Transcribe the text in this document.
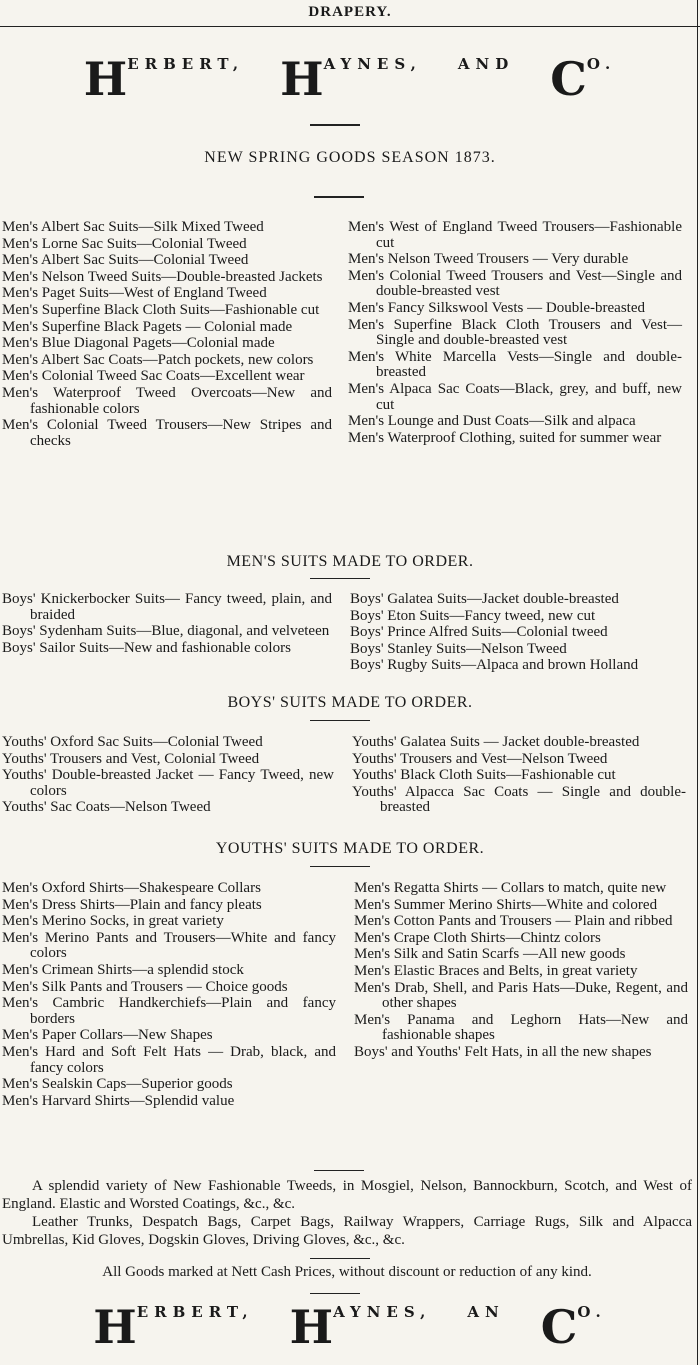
DRAPERY.
HERBERT, HAYNES, AND CO.
NEW SPRING GOODS SEASON 1873.

Men's Albert Sac Suits—Silk Mixed Tweed

Men's Lorne Sac Suits—Colonial Tweed

Men's Albert Sac Suits—Colonial Tweed

Men's Nelson Tweed Suits—Double-breasted Jackets

Men's Paget Suits—West of England Tweed

Men's Superfine Black Cloth Suits—Fashionable cut

Men's Superfine Black Pagets — Colonial made

Men's Blue Diagonal Pagets—Colonial made

Men's Albert Sac Coats—Patch pockets, new colors

Men's Colonial Tweed Sac Coats—Excellent wear

Men's Waterproof Tweed Overcoats—New and fashionable colors

Men's Colonial Tweed Trousers—New Stripes and checks

Men's West of England Tweed Trousers—Fashionable cut

Men's Nelson Tweed Trousers — Very durable

Men's Colonial Tweed Trousers and Vest—Single and double-breasted vest

Men's Fancy Silkswool Vests — Double-breasted

Men's Superfine Black Cloth Trousers and Vest—Single and double-breasted vest

Men's White Marcella Vests—Single and double-breasted

Men's Alpaca Sac Coats—Black, grey, and buff, new cut

Men's Lounge and Dust Coats—Silk and alpaca

Men's Waterproof Clothing, suited for summer wear

MEN'S SUITS MADE TO ORDER.

Boys' Knickerbocker Suits— Fancy tweed, plain, and braided

Boys' Sydenham Suits—Blue, diagonal, and velveteen

Boys' Sailor Suits—New and fashionable colors

Boys' Galatea Suits—Jacket double-breasted

Boys' Eton Suits—Fancy tweed, new cut

Boys' Prince Alfred Suits—Colonial tweed

Boys' Stanley Suits—Nelson Tweed

Boys' Rugby Suits—Alpaca and brown Holland

BOYS' SUITS MADE TO ORDER.

Youths' Oxford Sac Suits—Colonial Tweed

Youths' Trousers and Vest, Colonial Tweed

Youths' Double-breasted Jacket — Fancy Tweed, new colors

Youths' Sac Coats—Nelson Tweed

Youths' Galatea Suits — Jacket double-breasted

Youths' Trousers and Vest—Nelson Tweed

Youths' Black Cloth Suits—Fashionable cut

Youths' Alpacca Sac Coats — Single and double-breasted

YOUTHS' SUITS MADE TO ORDER.

Men's Oxford Shirts—Shakespeare Collars

Men's Dress Shirts—Plain and fancy pleats

Men's Merino Socks, in great variety

Men's Merino Pants and Trousers—White and fancy colors

Men's Crimean Shirts—a splendid stock

Men's Silk Pants and Trousers — Choice goods

Men's Cambric Handkerchiefs—Plain and fancy borders

Men's Paper Collars—New Shapes

Men's Hard and Soft Felt Hats — Drab, black, and fancy colors

Men's Sealskin Caps—Superior goods

Men's Harvard Shirts—Splendid value

Men's Regatta Shirts — Collars to match, quite new

Men's Summer Merino Shirts—White and colored

Men's Cotton Pants and Trousers — Plain and ribbed

Men's Crape Cloth Shirts—Chintz colors

Men's Silk and Satin Scarfs —All new goods

Men's Elastic Braces and Belts, in great variety

Men's Drab, Shell, and Paris Hats—Duke, Regent, and other shapes

Men's Panama and Leghorn Hats—New and fashionable shapes

Boys' and Youths' Felt Hats, in all the new shapes

A splendid variety of New Fashionable Tweeds, in Mosgiel, Nelson, Bannockburn, Scotch, and West of England. Elastic and Worsted Coatings, &c., &c.

Leather Trunks, Despatch Bags, Carpet Bags, Railway Wrappers, Carriage Rugs, Silk and Alpacca Umbrellas, Kid Gloves, Dogskin Gloves, Driving Gloves, &c., &c.

All Goods marked at Nett Cash Prices, without discount or reduction of any kind.

HERBERT, HAYNES, AN CO.
